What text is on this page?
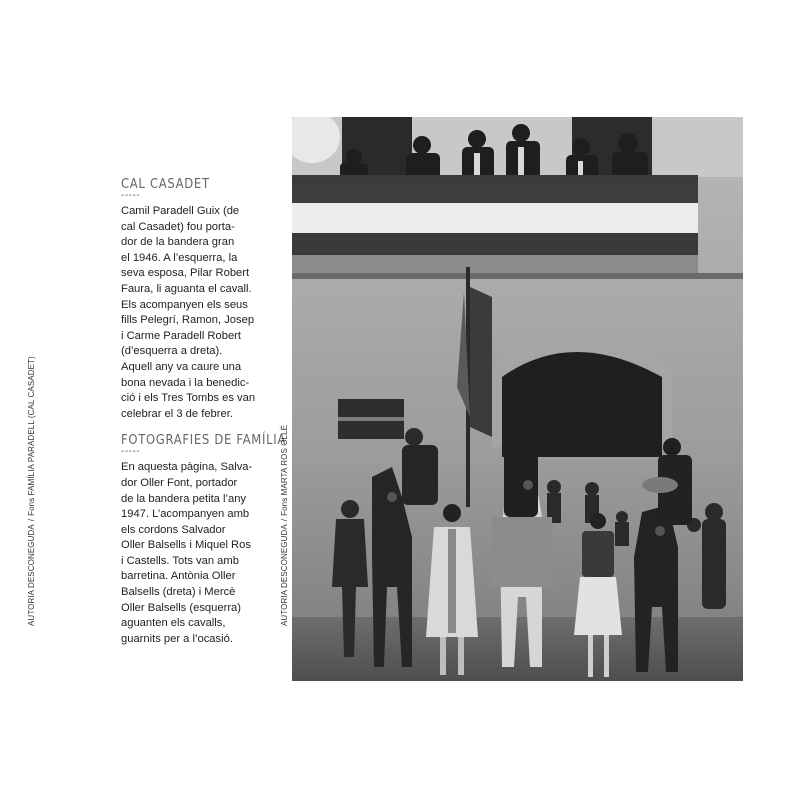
AUTORIA DESCONEGUDA/Fons FAMÍLIA PARADELL (CAL CASADET)
CAL CASADET
-----

Camil Paradell Guix (de
cal Casadet) fou porta-
dor de la bandera gran
el 1946. A l’esquerra, la
seva esposa, Pilar Robert
Faura, li aguanta el cavall.
Els acompanyen els seus
fills Pelegrí, Ramon, Josep
i Carme Paradell Robert
(d’esquerra a dreta).
Aquell any va caure una
bona nevada i la benedic-
ció i els Tres Tombs es van
celebrar el 3 de febrer.

FOTOGRAFIES DE FAMÍLIA
-----

En aquesta pàgina, Salva-
dor Oller Font, portador
de la bandera petita l’any
1947. L’acompanyen amb
els cordons Salvador
Oller Balsells i Miquel Ros
i Castells. Tots van amb
barretina. Antònia Oller
Balsells (dreta) i Mercè
Oller Balsells (esquerra)
aguanten els cavalls,
guarnits per a l’ocasió.

AUTORIA DESCONEGUDA/Fons MARTA ROS OLLÉ
